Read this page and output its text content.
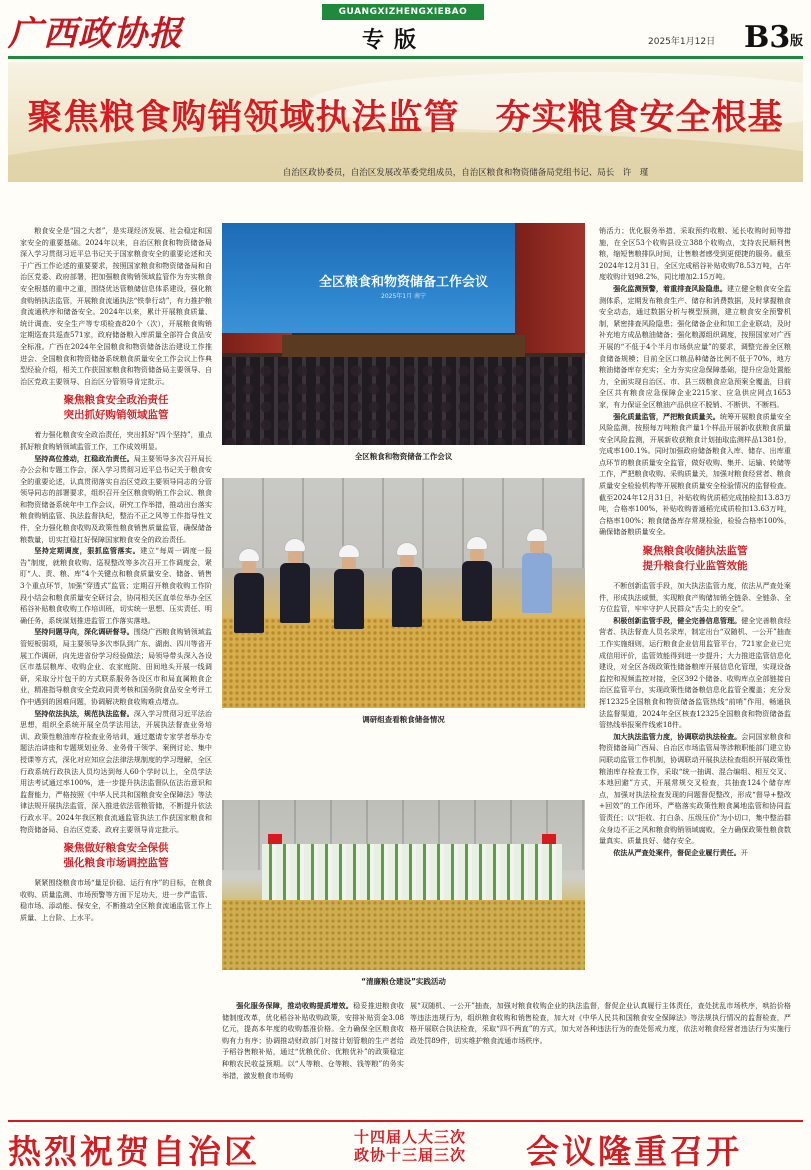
广西政协报
GUANGXIZHENGXIEBAO
专版	2025年1月12日 B3 版
聚焦粮食购销领域执法监管　夯实粮食安全根基
自治区政协委员，自治区发展改革委党组成员，自治区粮食和物资储备局党组书记、局长　许　瑾

粮食安全是“国之大者”，是实现经济发展、社会稳定和国家安全的重要基础。2024年以来，自治区粮食和物资储备局深入学习贯彻习近平总书记关于国家粮食安全的重要论述和关于广西工作论述的重要要求，按照国家粮食和物资储备局和自治区党委、政府部署，把加强粮食购销领域监管作为夯实粮食安全根基的重中之重，围绕优达管粮储信息体系建设，强化粮食购销执法监管，开展粮食流通执法“铁拳行动”，有力推护粮食流通秩序和储备安全。2024年以来，累计开展粮食质量、统计调查、安全生产等专项检查820个（次），开展粮食购销定期巡查共巡查571家，政府储备粮入库质量全部符合食品安全标准。广西在2024年全国粮食和物资储备法治建设工作推进会、全国粮食和物资储备系统粮食质量安全工作会议上作典型经验介绍，相关工作获国家粮食和物资储备局主要领导、自治区党政主要领导、自治区分管领导肯定批示。

聚焦粮食安全政治责任
突出抓好购销领域监管

着力强化粮食安全政治责任，突出抓好“四个坚持”，重点抓好粮食购销领域监管工作，工作成效明显。

坚持高位推动，扛稳政治责任。局主要领导多次召开局长办公会和专题工作会，深入学习贯彻习近平总书记关于粮食安全的重要论述，认真贯彻落实自治区党政主要领导同志的分管领导同志的部署要求，组织召开全区粮食购销工作会议、粮食和物资储备系统年中工作会议，研究工作举措，推动出台落实粮食购销监管、执法监督执纪，整治不正之风等工作指导性文件，全力强化粮食收购及政策性粮食销售质量监管，确保储备粮数量，切实扛稳扛好保障国家粮食安全的政治责任。

坚持定期调度，狠抓监管落实。建立“每周一调度一报告”制度，就粮食收购、巡视整改等多次召开工作调度会，紧盯“人、责、粮、库”4个关键点和粮食质量安全、储备、销售3个重点环节，加强“穿透式”监管；定期召开粮食收购工作阶段小结会和粮食质量安全研讨会，协同相关区直单位举办全区稻谷补贴粮食收购工作培训班，切实统一思想、压实责任、明确任务，系统谋划推进监管工作落实落地。

坚持问题导向，深化调研督导。围绕广西粮食购销领域监管短板弱项，局主要领导多次率队到广东、湖南、四川等省开展工作调研，向先进省份学习经验做法；局领导带头深入各设区市基层粮库、收购企业、农家庭院、田间地头开展一线调研，采取分片包干的方式联系服务各设区市和局直属粮食企业，精准指导粮食安全党政同责考核和国务院食品安全考评工作中遇到的困难问题，协调解决粮食收购难点堵点。

坚持依法执法，规范执法监督。深入学习贯彻习近平法治思想，组织全系统开展全员学法用法，开展执法督查业务培训、政策性粮油库存检查业务培训，通过邀请专家学者举办专题法治讲座和专题规划业务、业务骨干领学、案例讨论、集中授课等方式，深化对应知应会法律法规制度的学习理解，全区行政系统行政执法人员均达到每人60个学时以上，全员学法用法考试通过率100%，进一步提升执法监督队伍法治意识和监督能力，严格按照《中华人民共和国粮食安全保障法》等法律法规开展执法监管，深入推进依法管粮管储，不断提升依法行政水平。2024年我区粮食流通监管执法工作获国家粮食和物资储备局、自治区党委、政府主要领导肯定批示。

聚焦做好粮食安全保供
强化粮食市场调控监管

紧紧围绕粮食市场“量足价稳、运行有序”的目标，在粮食收购、质量监测、市场预警等方面下足功夫，进一步严监管、稳市场、添动能、保安全，不断推动全区粮食流通监管工作上质量、上台阶、上水平。

全区粮食和物资储备工作会议
2025年1月 南宁
全区粮食和物资储备工作会议
调研组查看粮食储备情况
“清廉粮仓建设”实践活动

强化服务保障，推动收购提质增效。稳妥推进粮食收储制度改革，优化稻谷补贴收购政策，安排补贴资金3.08亿元，提高本年度的收购基准价格。全力确保全区粮食收购有力有序；协调推动财政部门对接计划管粮的生产者给予稻谷售粮补贴，通过“优粮优价、优粮优补”的政策稳定种粮农民收益预期。以“人等粮、仓等粮、钱等粮”的务实举措，激发粮食市场购

销活力；优化服务举措，采取预约收粮、延长收购时间等措施，在全区53个收购县设立388个收购点，支持农民顺利售粮，缩短售粮排队时间，让售粮者感受到更便捷的服务。截至2024年12月31日，全区完成稻谷补贴收购78.53万吨，占年度收购计划98.2%，同比增加2.15万吨。

强化监测预警，着重排查风险隐患。建立健全粮食安全监测体系，定期发布粮食生产、储存和消费数据，及时掌握粮食安全动态，通过数据分析与模型预测，建立粮食安全预警机制，紧密排查风险隐患；强化储备企业和加工企业联动，及时补充地方成品粮油储备；强化粮源组织调度，按照国家对广西开展的“不低于4个半月市场供应量”的要求，调整完善全区粮食储备规模；目前全区口粮品种储备比例不低于70%，地方粮油储备库存充实；全力夯实应急保障基础，提升应急处置能力，全面实现自治区、市、县三级粮食应急预案全覆盖，目前全区共有粮食应急保障企业2215家、应急供应网点1653家，有力保证全区粮油产品供应不脱销、不断供、不断档。

强化质量监管，严把粮食质量关。统筹开展粮食质量安全风险监测，按照每万吨粮食产量1个样品开展新收获粮食质量安全风险监测，开展新收获粮食计划抽取监测样品1381份，完成率100.1%。同时加强政府储备粮食入库、储存、出库重点环节的粮食质量安全监管，做好收购、集并、运输、转储等工作，严把粮食收购、采购质量关，加强对粮食经营者、粮食质量安全检验机构等开展粮食质量安全检验情况的监督检查。截至2024年12月31日，补贴收购优质稻完成抽检扣13.83万吨，合格率100%，补贴收购普通稻完成质检扣13.63万吨，合格率100%；粮食储备库存常规检验，检验合格率100%，确保储备粮质量安全。

聚焦粮食收储执法监管
提升粮食行业监管效能

不断创新监管手段，加大执法监管力度，依法从严查处案件，形成执法威慑，实现粮食产购储加销全链条、全链条、全方位监管，牢牢守护人民群众“舌尖上的安全”。

积极创新监管手段，健全完善信息管理。健全完善粮食经营者、执法督查人员名录库，制定出台“双随机、一公开”抽查工作实施细则，运行粮食企业信用监管平台，721家企业已完成信用评价，监管效能得到进一步提升；大力推进监管信息化建设，对全区各级政策性储备粮库开展信息化管理，实现设备监控和视频监控对接，全区392个储备、收购库点全部链接自治区监管平台，实现政策性储备粮信息化监管全覆盖；充分发挥12325全国粮食和物资储备监管热线“前哨”作用，畅通执法监督渠道，2024年全区核查12325全国粮食和物资储备监管热线举报案件线索18件。

加大执法监管力度，协调联动执法检查。会同国家粮食和物资储备局广西局、自治区市场监管局等涉粮职能部门建立协同联动监管工作机制，协调联动开展执法检查组织开展政策性粮油库存检查工作，采取“统一抽调、混合编组、相互交叉、本地回避”方式，开展常规交叉检查，共抽查124个储存库点，加强对执法检查发现的问题督促整改，形成“督导+整改+回效”的工作闭环，严格落实政策性粮食属地监管和协同监管责任；以“拒收、打白条、压级压价”为小切口，集中整治群众身边不正之风和粮食购销领域腐败，全力确保政策性粮食数量真实、质量良好、储存安全。

依法从严查处案件，督促企业履行责任。开

展“双随机、一公开”抽查，加强对粮食收购企业的执法监督，督促企业认真履行主体责任，查处扰乱市场秩序，哄抬价格等违法违规行为，组织粮食收购和销售检查，加大对《中华人民共和国粮食安全保障法》等法规执行情况的监督检查，严格开展联合执法检查，采取“四不两直”的方式，加大对各种违法行为的查处惩戒力度，依法对粮食经营者违法行为实施行政处罚89件，切实维护粮食流通市场秩序。

热烈祝贺自治区	十四届人大三次
政协十三届三次 会议隆重召开
